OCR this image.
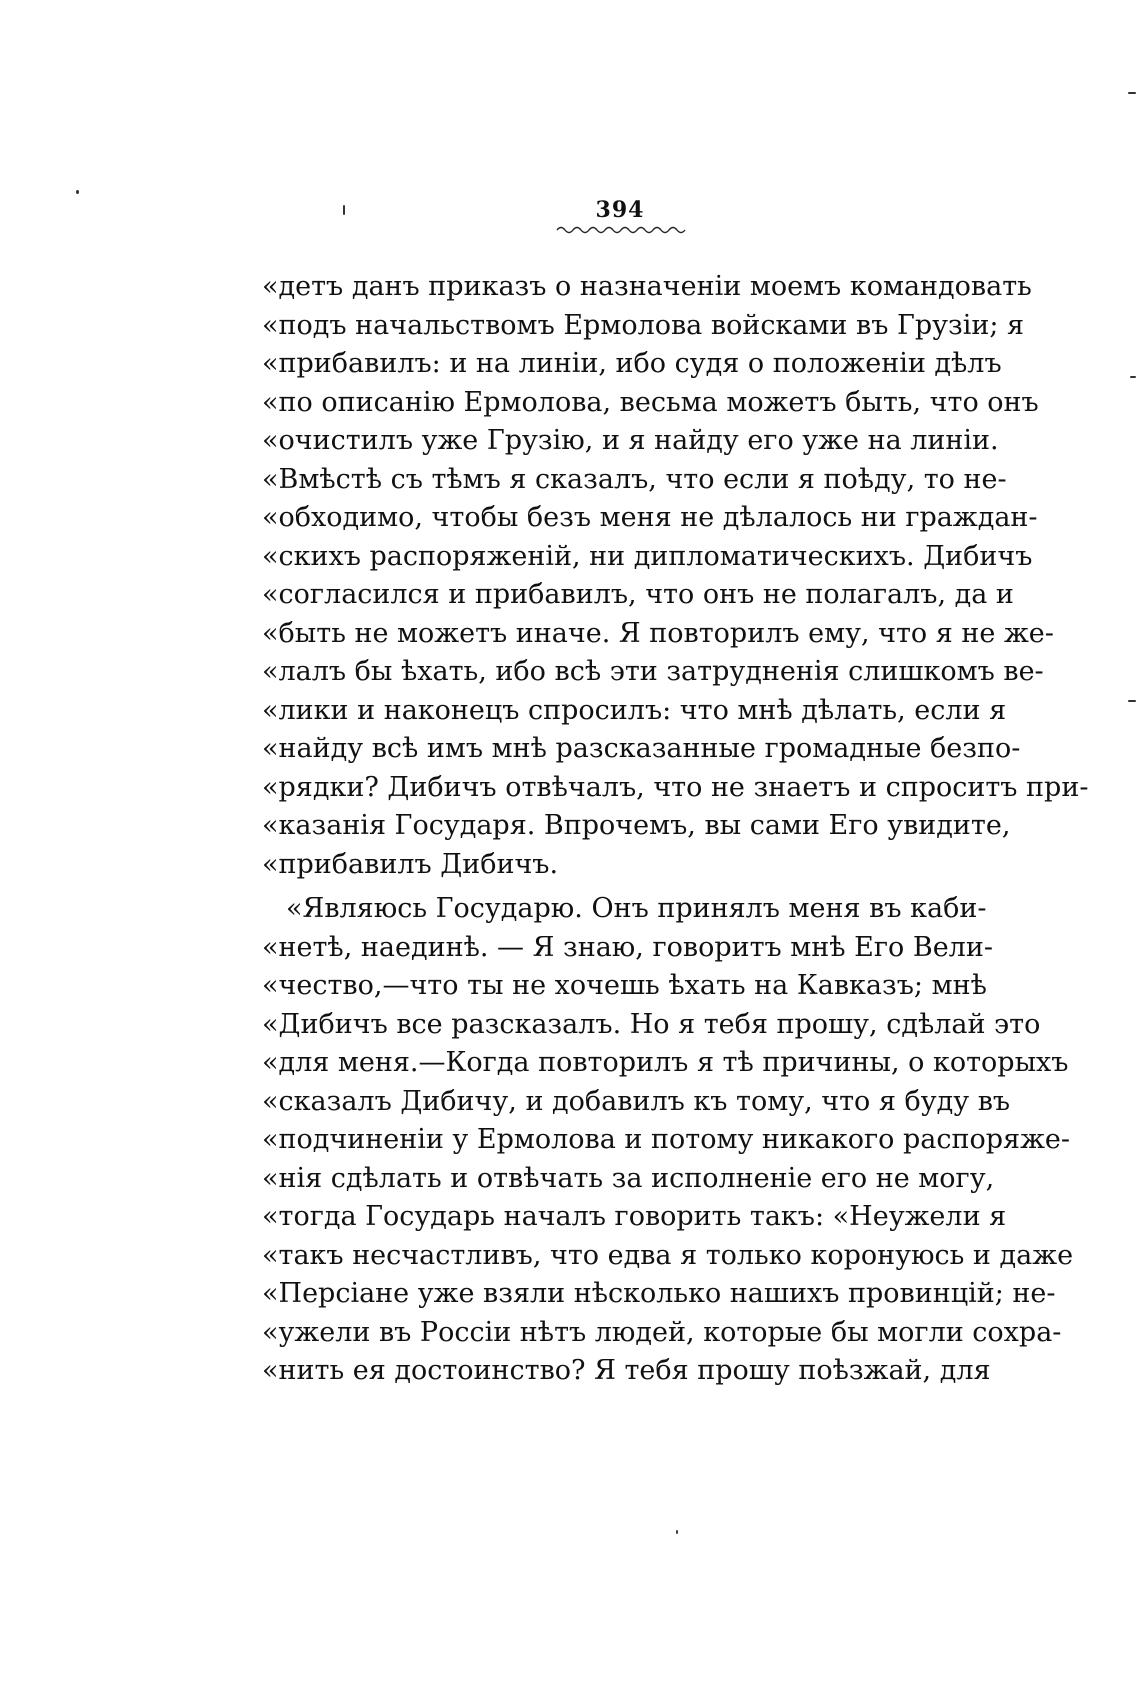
394
«детъ данъ приказъ о назначеніи моемъ командовать
«подъ начальствомъ Ермолова войсками въ Грузіи; я
«прибавилъ: и на линіи, ибо судя о положеніи дѣлъ
«по описанію Ермолова, весьма можетъ быть, что онъ
«очистилъ уже Грузію, и я найду его уже на линіи.
«Вмѣстѣ съ тѣмъ я сказалъ, что если я поѣду, то не-
«обходимо, чтобы безъ меня не дѣлалось ни граждан-
«скихъ распоряженій, ни дипломатическихъ. Дибичъ
«согласился и прибавилъ, что онъ не полагалъ, да и
«быть не можетъ иначе. Я повторилъ ему, что я не же-
«лалъ бы ѣхать, ибо всѣ эти затрудненія слишкомъ ве-
«лики и наконецъ спросилъ: что мнѣ дѣлать, если я
«найду всѣ имъ мнѣ разсказанные громадные безпо-
«рядки? Дибичъ отвѣчалъ, что не знаетъ и спроситъ при-
«казанія Государя. Впрочемъ, вы сами Его увидите,
«прибавилъ Дибичъ.
«Являюсь Государю. Онъ принялъ меня въ каби-
«нетѣ, наединѣ. — Я знаю, говоритъ мнѣ Его Вели-
«чество,—что ты не хочешь ѣхать на Кавказъ; мнѣ
«Дибичъ все разсказалъ. Но я тебя прошу, сдѣлай это
«для меня.—Когда повторилъ я тѣ причины, о которыхъ
«сказалъ Дибичу, и добавилъ къ тому, что я буду въ
«подчиненіи у Ермолова и потому никакого распоряже-
«нія сдѣлать и отвѣчать за исполненіе его не могу,
«тогда Государь началъ говорить такъ: «Неужели я
«такъ несчастливъ, что едва я только коронуюсь и даже
«Персіане уже взяли нѣсколько нашихъ провинцій; не-
«ужели въ Россіи нѣтъ людей, которые бы могли сохра-
«нить ея достоинство? Я тебя прошу поѣзжай, для
